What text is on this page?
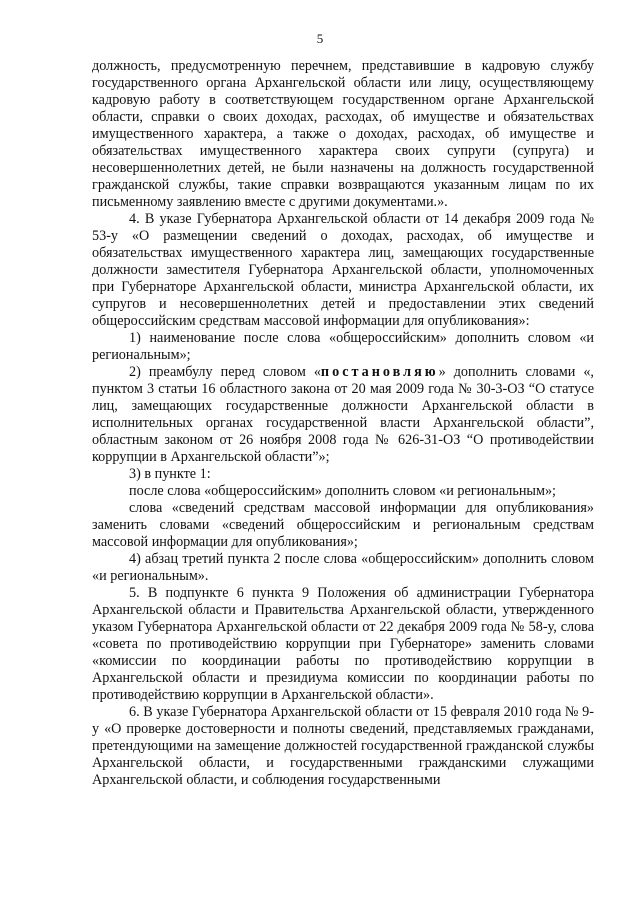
5

должность, предусмотренную перечнем, представившие в кадровую службу государственного органа Архангельской области или лицу, осуществляющему кадровую работу в соответствующем государственном органе Архангельской области, справки о своих доходах, расходах, об имуществе и обязательствах имущественного характера, а также о доходах, расходах, об имуществе и обязательствах имущественного характера своих супруги (супруга) и несовершеннолетних детей, не были назначены на должность государственной гражданской службы, такие справки возвращаются указанным лицам по их письменному заявлению вместе с другими документами.».

4. В указе Губернатора Архангельской области от 14 декабря 2009 года № 53-у «О размещении сведений о доходах, расходах, об имуществе и обязательствах имущественного характера лиц, замещающих государственные должности заместителя Губернатора Архангельской области, уполномоченных при Губернаторе Архангельской области, министра Архангельской области, их супругов и несовершеннолетних детей и предоставлении этих сведений общероссийским средствам массовой информации для опубликования»:

1) наименование после слова «общероссийским» дополнить словом «и региональным»;

2) преамбулу перед словом «постановляю» дополнить словами «, пунктом 3 статьи 16 областного закона от 20 мая 2009 года № 30-3-ОЗ “О статусе лиц, замещающих государственные должности Архангельской области в исполнительных органах государственной власти Архангельской области”, областным законом от 26 ноября 2008 года № 626-31-ОЗ “О противодействии коррупции в Архангельской области”»;

3) в пункте 1:

после слова «общероссийским» дополнить словом «и региональным»;

слова «сведений средствам массовой информации для опубликования» заменить словами «сведений общероссийским и региональным средствам массовой информации для опубликования»;

4) абзац третий пункта 2 после слова «общероссийским» дополнить словом «и региональным».

5. В подпункте 6 пункта 9 Положения об администрации Губернатора Архангельской области и Правительства Архангельской области, утвержденного указом Губернатора Архангельской области от 22 декабря 2009 года № 58-у, слова «совета по противодействию коррупции при Губернаторе» заменить словами «комиссии по координации работы по противодействию коррупции в Архангельской области и президиума комиссии по координации работы по противодействию коррупции в Архангельской области».

6. В указе Губернатора Архангельской области от 15 февраля 2010 года № 9-у «О проверке достоверности и полноты сведений, представляемых гражданами, претендующими на замещение должностей государственной гражданской службы Архангельской области, и государственными гражданскими служащими Архангельской области, и соблюдения государственными
